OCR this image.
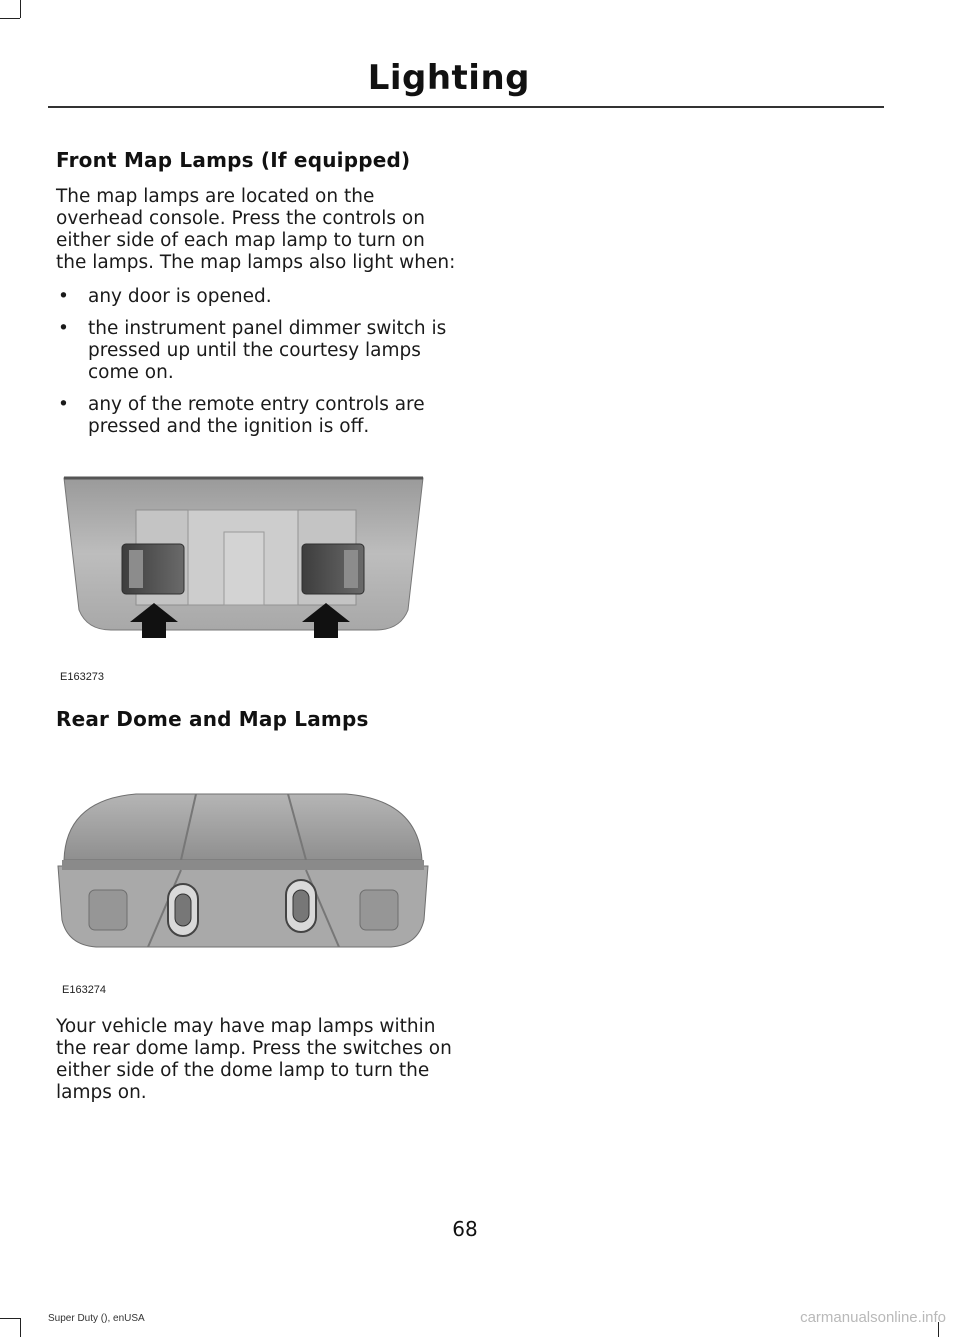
Lighting
Front Map Lamps (If equipped)

The map lamps are located on the
overhead console. Press the controls on
either side of each map lamp to turn on
the lamps. The map lamps also light when:

• any door is opened.
• the instrument panel dimmer switch is
pressed up until the courtesy lamps
come on.
• any of the remote entry controls are
pressed and the ignition is off.
E163273
Rear Dome and Map Lamps
E163274

Your vehicle may have map lamps within
the rear dome lamp. Press the switches on
either side of the dome lamp to turn the
lamps on.

68
Super Duty (), enUSA	carmanualsonline.info
